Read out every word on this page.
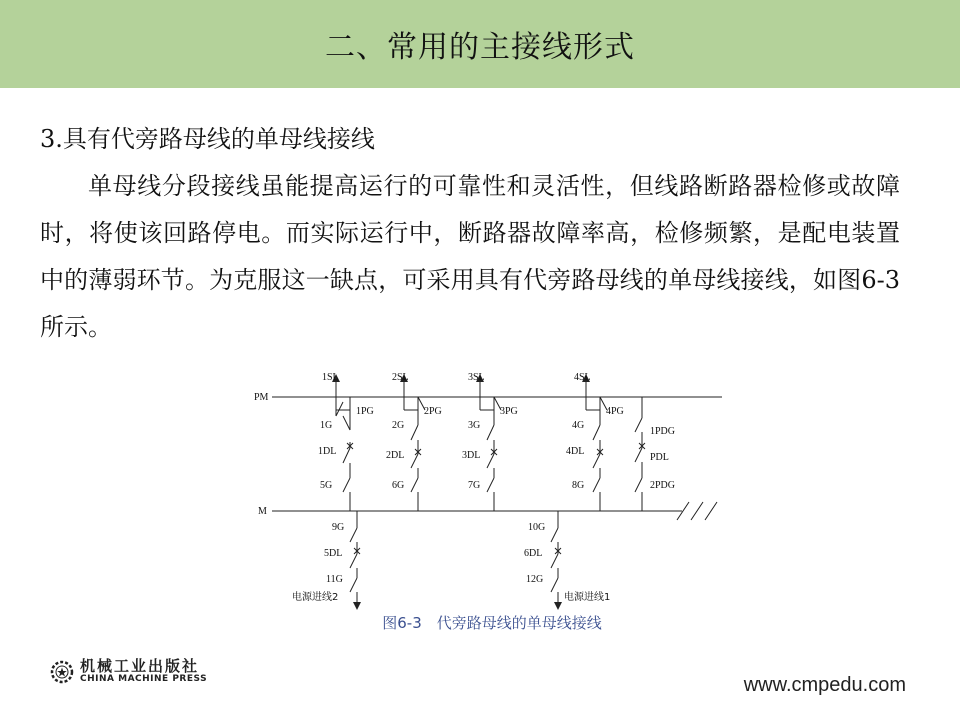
二、常用的主接线形式

3.具有代旁路母线的单母线接线

单母线分段接线虽能提高运行的可靠性和灵活性，但线路断路器检修或故障时，将使该回路停电。而实际运行中，断路器故障率高，检修频繁，是配电装置中的薄弱环节。为克服这一缺点，可采用具有代旁路母线的单母线接线，如图6-3所示。

PM
M
1SL
1PG
1G
1DL
5G
2SL
2PG
2G
2DL
6G
3SL
3PG
3G
3DL
7G
4SL
4PG
4G
4DL
8G
1PDG
PDL
2PDG
9G
5DL
11G
电源进线2
10G
6DL
12G
电源进线1
图6-3　代旁路母线的单母线接线
机械工业出版社
CHINA MACHINE PRESS	www.cmpedu.com
